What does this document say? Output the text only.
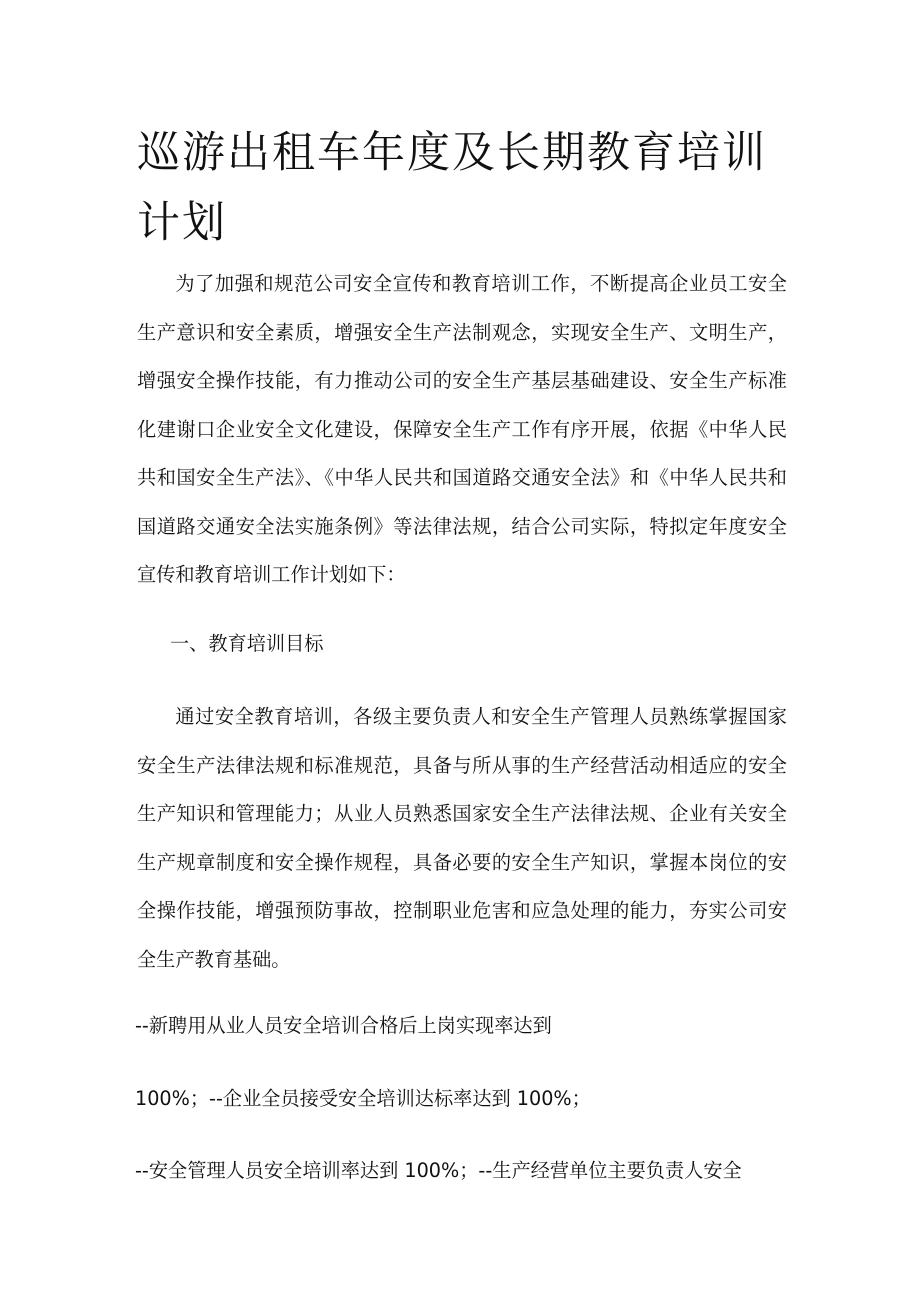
巡游出租车年度及长期教育培训计划

为了加强和规范公司安全宣传和教育培训工作，不断提高企业员工安全生产意识和安全素质，增强安全生产法制观念，实现安全生产、文明生产，增强安全操作技能，有力推动公司的安全生产基层基础建设、安全生产标准化建谢口企业安全文化建设，保障安全生产工作有序开展，依据《中华人民共和国安全生产法》、《中华人民共和国道路交通安全法》和《中华人民共和国道路交通安全法实施条例》等法律法规，结合公司实际，特拟定年度安全宣传和教育培训工作计划如下：

一、教育培训目标

通过安全教育培训，各级主要负责人和安全生产管理人员熟练掌握国家安全生产法律法规和标准规范，具备与所从事的生产经营活动相适应的安全生产知识和管理能力；从业人员熟悉国家安全生产法律法规、企业有关安全生产规章制度和安全操作规程，具备必要的安全生产知识，掌握本岗位的安全操作技能，增强预防事故，控制职业危害和应急处理的能力，夯实公司安全生产教育基础。

--新聘用从业人员安全培训合格后上岗实现率达到

100%；--企业全员接受安全培训达标率达到 100%；

--安全管理人员安全培训率达到 100%；--生产经营单位主要负责人安全
